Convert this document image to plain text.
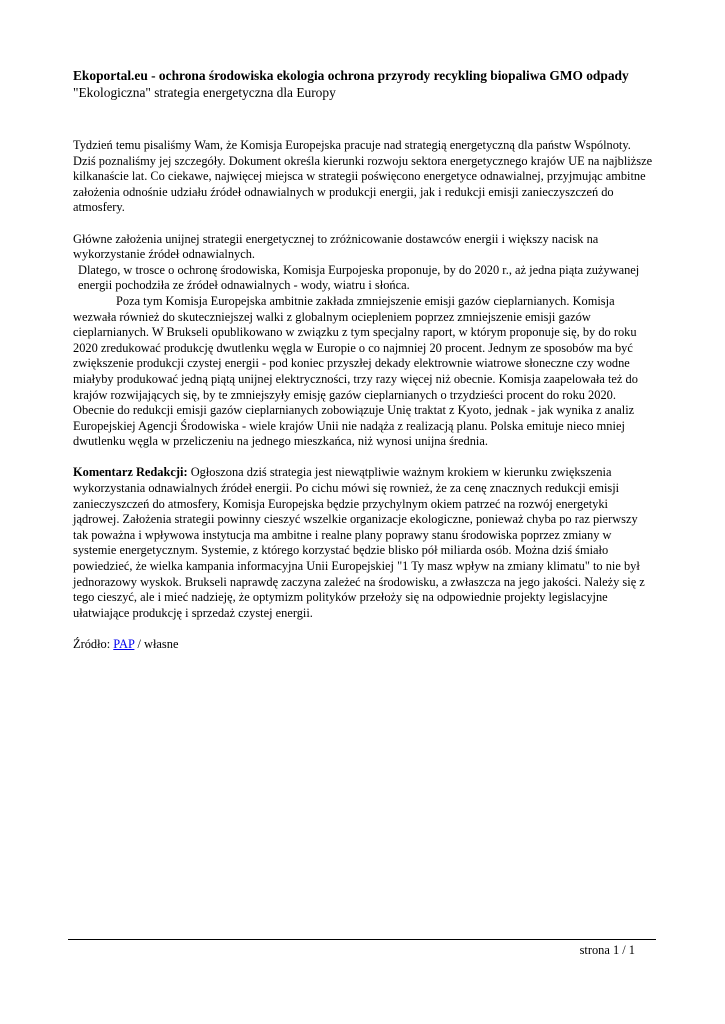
Ekoportal.eu - ochrona środowiska ekologia ochrona przyrody recykling biopaliwa GMO odpady
"Ekologiczna" strategia energetyczna dla Europy

Tydzień temu pisaliśmy Wam, że Komisja Europejska pracuje nad strategią energetyczną dla państw Wspólnoty. Dziś poznaliśmy jej szczegóły. Dokument określa kierunki rozwoju sektora energetycznego krajów UE na najbliższe kilkanaście lat. Co ciekawe, najwięcej miejsca w strategii poświęcono energetyce odnawialnej, przyjmując ambitne założenia odnośnie udziału źródeł odnawialnych w produkcji energii, jak i redukcji emisji zanieczyszczeń do atmosfery.

Główne założenia unijnej strategii energetycznej to zróżnicowanie dostawców energii i większy nacisk na wykorzystanie źródeł odnawialnych.

Dlatego, w trosce o ochronę środowiska, Komisja Eurpojeska proponuje, by do 2020 r., aż jedna piąta zużywanej energii pochodziła ze źródeł odnawialnych - wody, wiatru i słońca.

Poza tym Komisja Europejska ambitnie zakłada zmniejszenie emisji gazów cieplarnianych. Komisja wezwała również do skuteczniejszej walki z globalnym ociepleniem poprzez zmniejszenie emisji gazów cieplarnianych. W Brukseli opublikowano w związku z tym specjalny raport, w którym proponuje się, by do roku 2020 zredukować produkcję dwutlenku węgla w Europie o co najmniej 20 procent. Jednym ze sposobów ma być zwiększenie produkcji czystej energii - pod koniec przyszłej dekady elektrownie wiatrowe słoneczne czy wodne miałyby produkować jedną piątą unijnej elektryczności, trzy razy więcej niż obecnie. Komisja zaapelowała też do krajów rozwijających się, by te zmniejszyły emisję gazów cieplarnianych o trzydzieści procent do roku 2020. Obecnie do redukcji emisji gazów cieplarnianych zobowiązuje Unię traktat z Kyoto, jednak - jak wynika z analiz Europejskiej Agencji Środowiska - wiele krajów Unii nie nadąża z realizacją planu. Polska emituje nieco mniej dwutlenku węgla w przeliczeniu na jednego mieszkańca, niż wynosi unijna średnia.

Komentarz Redakcji: Ogłoszona dziś strategia jest niewątpliwie ważnym krokiem w kierunku zwiększenia wykorzystania odnawialnych źródeł energii. Po cichu mówi się rownież, że za cenę znacznych redukcji emisji zanieczyszczeń do atmosfery, Komisja Europejska będzie przychylnym okiem patrzeć na rozwój energetyki jądrowej. Założenia strategii powinny cieszyć wszelkie organizacje ekologiczne, ponieważ chyba po raz pierwszy tak poważna i wpływowa instytucja ma ambitne i realne plany poprawy stanu środowiska poprzez zmiany w systemie energetycznym. Systemie, z którego korzystać będzie blisko pół miliarda osób. Można dziś śmiało powiedzieć, że wielka kampania informacyjna Unii Europejskiej "1 Ty masz wpływ na zmiany klimatu" to nie był jednorazowy wyskok. Brukseli naprawdę zaczyna zależeć na środowisku, a zwłaszcza na jego jakości. Należy się z tego cieszyć, ale i mieć nadzieję, że optymizm polityków przełoży się na odpowiednie projekty legislacyjne ułatwiające produkcję i sprzedaż czystej energii.

Źródło: PAP / własne

strona 1 / 1
